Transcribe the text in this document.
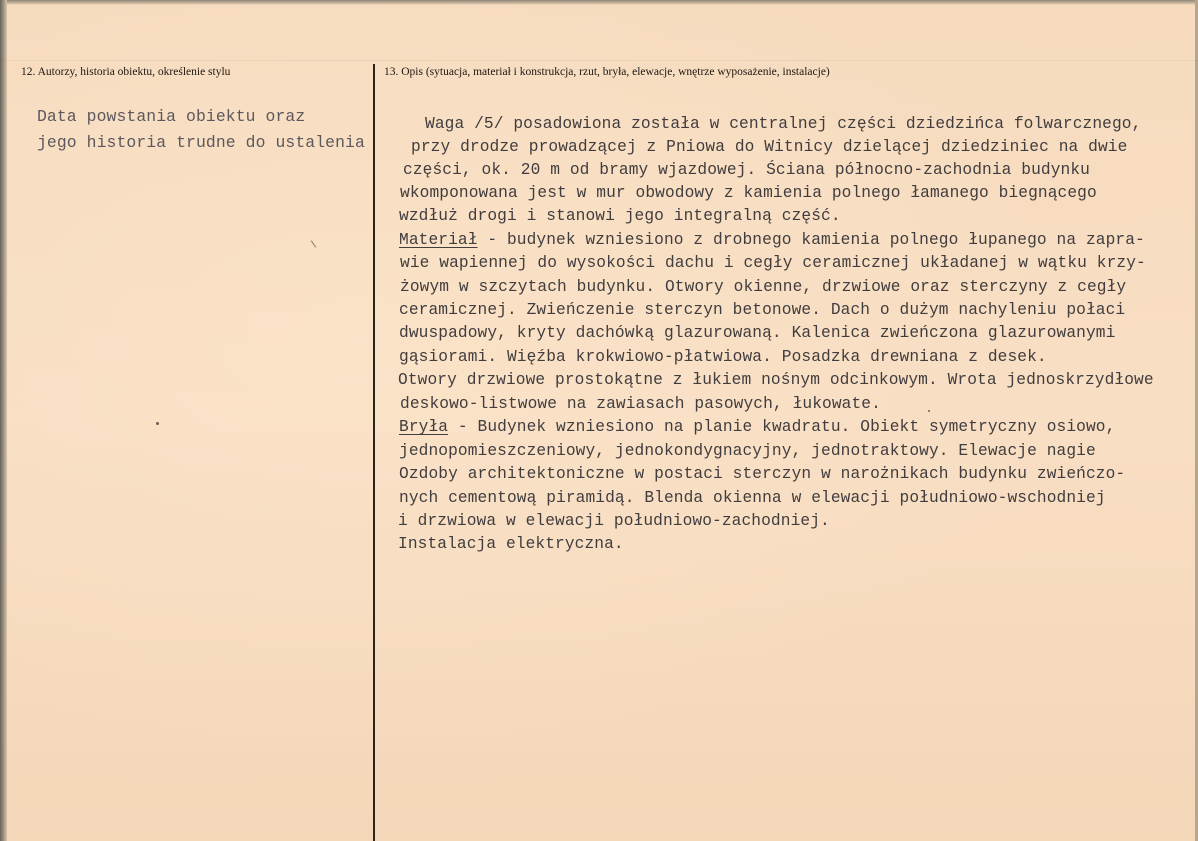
12. Autorzy, historia obiektu, określenie stylu	13. Opis (sytuacja, materiał i konstrukcja, rzut, bryła, elewacje, wnętrze wyposażenie, instalacje)
Data powstania obiektu oraz
jego historia trudne do ustalenia
Waga /5/ posadowiona została w centralnej części dziedzińca folwarcznego,
przy drodze prowadzącej z Pniowa do Witnicy dzielącej dziedziniec na dwie
części, ok. 20 m od bramy wjazdowej. Ściana północno-zachodnia budynku
wkomponowana jest w mur obwodowy z kamienia polnego łamanego biegnącego
wzdłuż drogi i stanowi jego integralną część.
Materiał - budynek wzniesiono z drobnego kamienia polnego łupanego na zapra-
wie wapiennej do wysokości dachu i cegły ceramicznej układanej w wątku krzy-
żowym w szczytach budynku. Otwory okienne, drzwiowe oraz sterczyny z cegły
ceramicznej. Zwieńczenie sterczyn betonowe. Dach o dużym nachyleniu połaci
dwuspadowy, kryty dachówką glazurowaną. Kalenica zwieńczona glazurowanymi
gąsiorami. Więźba krokwiowo-płatwiowa. Posadzka drewniana z desek.
Otwory drzwiowe prostokątne z łukiem nośnym odcinkowym. Wrota jednoskrzydłowe
deskowo-listwowe na zawiasach pasowych, łukowate.
Bryła - Budynek wzniesiono na planie kwadratu. Obiekt symetryczny osiowo,
jednopomieszczeniowy, jednokondygnacyjny, jednotraktowy. Elewacje nagie
Ozdoby architektoniczne w postaci sterczyn w narożnikach budynku zwieńczo-
nych cementową piramidą. Blenda okienna w elewacji południowo-wschodniej
i drzwiowa w elewacji południowo-zachodniej.
Instalacja elektryczna.
